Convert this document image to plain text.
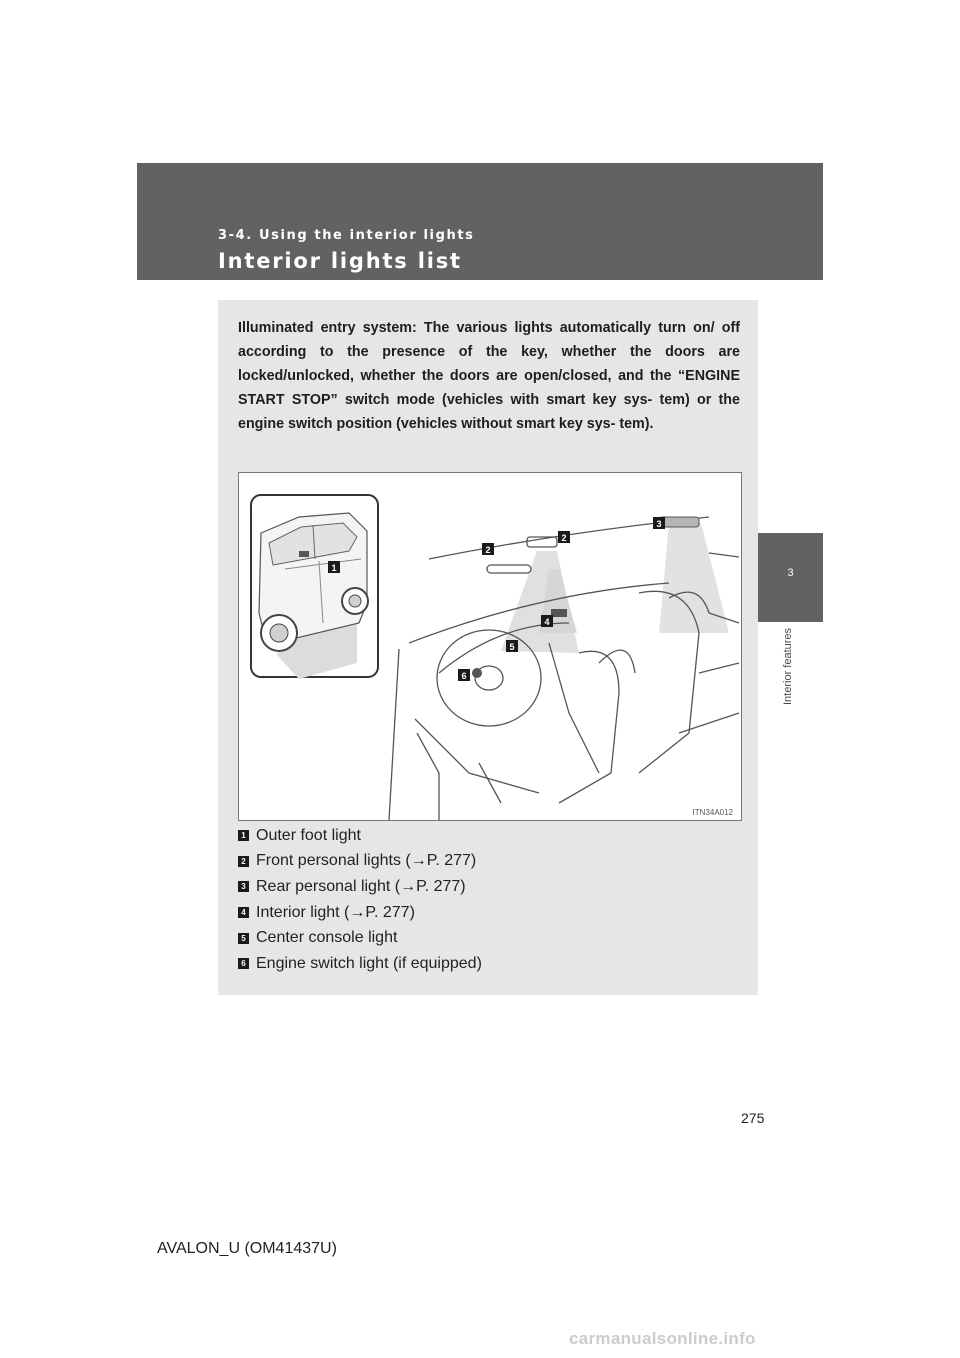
3-4. Using the interior lights
Interior lights list
3
Interior features
Illuminated entry system: The various lights automatically turn on/ off according to the presence of the key, whether the doors are locked/unlocked, whether the doors are open/closed, and the “ENGINE START STOP” switch mode (vehicles with smart key sys- tem) or the engine switch position (vehicles without smart key sys- tem).
1
2
2
3
4
5
6
ITN34A012
1 Outer foot light
2 Front personal lights (→P. 277)
3 Rear personal light (→P. 277)
4 Interior light (→P. 277)
5 Center console light
6 Engine switch light (if equipped)
275
AVALON_U (OM41437U)
carmanualsonline.info
